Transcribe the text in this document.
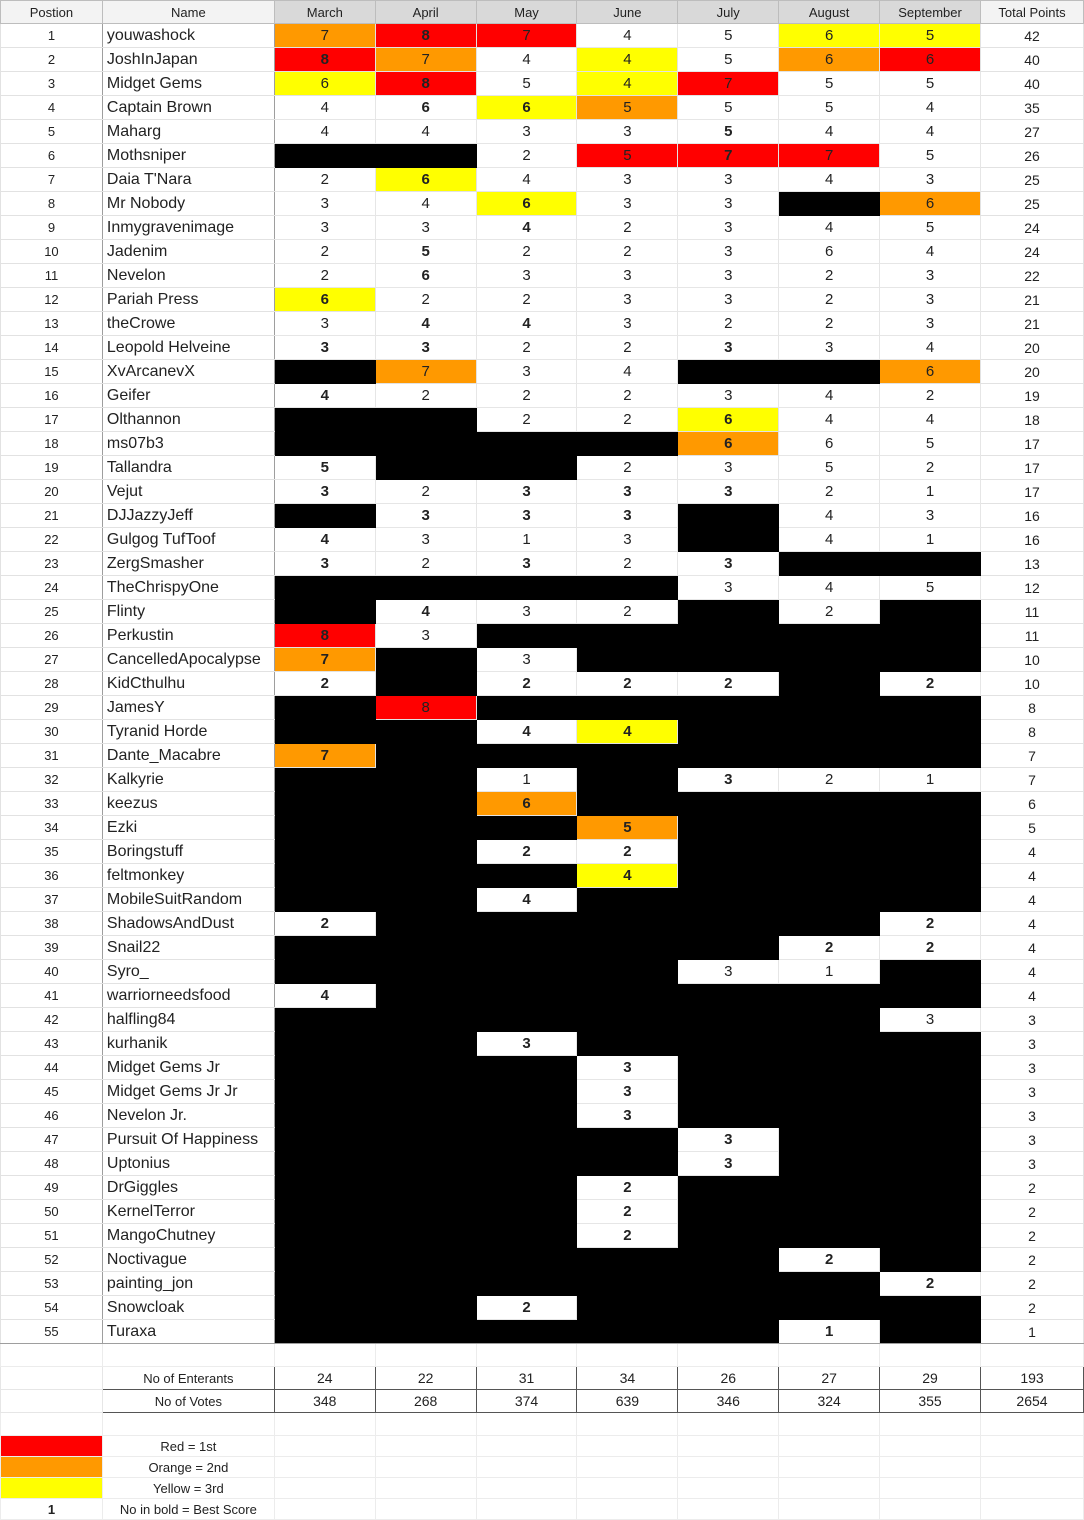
Postion	Name	March	April	May	June	July	August	September	Total Points
1	youwashock	7	8	7	4	5	6	5	42
2	JoshInJapan	8	7	4	4	5	6	6	40
3	Midget Gems	6	8	5	4	7	5	5	40
4	Captain Brown	4	6	6	5	5	5	4	35
5	Maharg	4	4	3	3	5	4	4	27
6	Mothsniper			2	5	7	7	5	26
7	Daia T'Nara	2	6	4	3	3	4	3	25
8	Mr Nobody	3	4	6	3	3		6	25
9	Inmygravenimage	3	3	4	2	3	4	5	24
10	Jadenim	2	5	2	2	3	6	4	24
11	Nevelon	2	6	3	3	3	2	3	22
12	Pariah Press	6	2	2	3	3	2	3	21
13	theCrowe	3	4	4	3	2	2	3	21
14	Leopold Helveine	3	3	2	2	3	3	4	20
15	XvArcanevX		7	3	4			6	20
16	Geifer	4	2	2	2	3	4	2	19
17	Olthannon			2	2	6	4	4	18
18	ms07b3					6	6	5	17
19	Tallandra	5			2	3	5	2	17
20	Vejut	3	2	3	3	3	2	1	17
21	DJJazzyJeff		3	3	3		4	3	16
22	Gulgog TufToof	4	3	1	3		4	1	16
23	ZergSmasher	3	2	3	2	3			13
24	TheChrispyOne					3	4	5	12
25	Flinty		4	3	2		2		11
26	Perkustin	8	3						11
27	CancelledApocalypse	7		3					10
28	KidCthulhu	2		2	2	2		2	10
29	JamesY		8						8
30	Tyranid Horde			4	4				8
31	Dante_Macabre	7							7
32	Kalkyrie			1		3	2	1	7
33	keezus			6					6
34	Ezki				5				5
35	Boringstuff			2	2				4
36	feltmonkey				4				4
37	MobileSuitRandom			4					4
38	ShadowsAndDust	2						2	4
39	Snail22						2	2	4
40	Syro_					3	1		4
41	warriorneedsfood	4							4
42	halfling84							3	3
43	kurhanik			3					3
44	Midget Gems Jr				3				3
45	Midget Gems Jr Jr				3				3
46	Nevelon Jr.				3				3
47	Pursuit Of Happiness					3			3
48	Uptonius					3			3
49	DrGiggles				2				2
50	KernelTerror				2				2
51	MangoChutney				2				2
52	Noctivague						2		2
53	painting_jon							2	2
54	Snowcloak			2					2
55	Turaxa						1		1

	No of Enterants	24	22	31	34	26	27	29	193
	No of Votes	348	268	374	639	346	324	355	2654

	Red = 1st								
	Orange = 2nd								
	Yellow = 3rd								
1	No in bold = Best Score								
